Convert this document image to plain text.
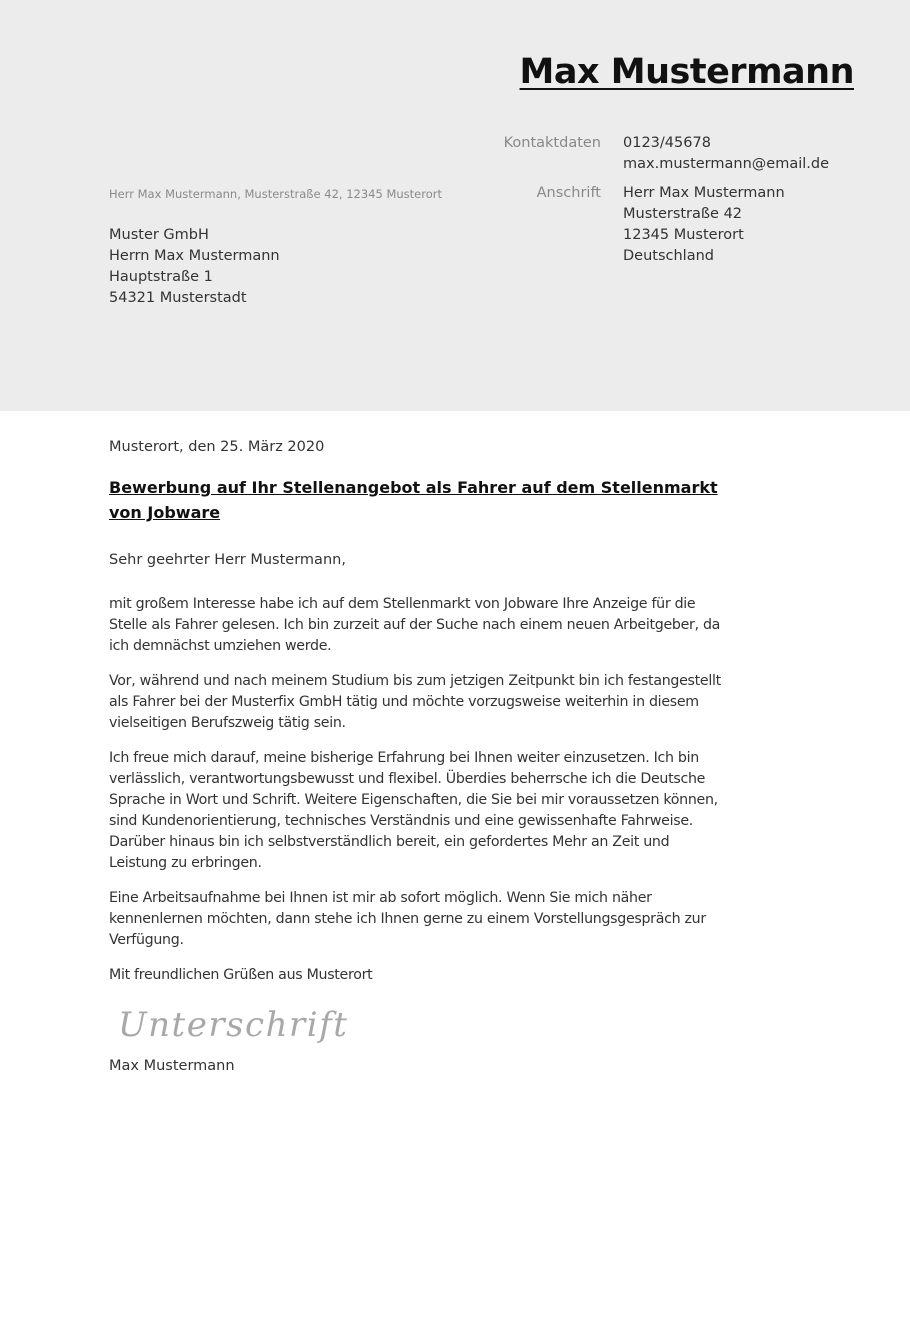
Max Mustermann
Kontaktdaten 0123/45678
max.mustermann@email.de
Anschrift Herr Max Mustermann
Musterstraße 42
12345 Musterort
Deutschland
Herr Max Mustermann, Musterstraße 42, 12345 Musterort
Muster GmbH
Herrn Max Mustermann
Hauptstraße 1
54321 Musterstadt
Musterort, den 25. März 2020
Bewerbung auf Ihr Stellenangebot als Fahrer auf dem Stellenmarkt von Jobware
Sehr geehrter Herr Mustermann,

mit großem Interesse habe ich auf dem Stellenmarkt von Jobware Ihre Anzeige für die Stelle als Fahrer gelesen. Ich bin zurzeit auf der Suche nach einem neuen Arbeitgeber, da ich demnächst umziehen werde.

Vor, während und nach meinem Studium bis zum jetzigen Zeitpunkt bin ich festangestellt als Fahrer bei der Musterfix GmbH tätig und möchte vorzugsweise weiterhin in diesem vielseitigen Berufszweig tätig sein.

Ich freue mich darauf, meine bisherige Erfahrung bei Ihnen weiter einzusetzen. Ich bin verlässlich, verantwortungsbewusst und flexibel. Überdies beherrsche ich die Deutsche Sprache in Wort und Schrift. Weitere Eigenschaften, die Sie bei mir voraussetzen können, sind Kundenorientierung, technisches Verständnis und eine gewissenhafte Fahrweise. Darüber hinaus bin ich selbstverständlich bereit, ein gefordertes Mehr an Zeit und Leistung zu erbringen.

Eine Arbeitsaufnahme bei Ihnen ist mir ab sofort möglich. Wenn Sie mich näher kennenlernen möchten, dann stehe ich Ihnen gerne zu einem Vorstellungsgespräch zur Verfügung.

Mit freundlichen Grüßen aus Musterort

Unterschrift
Max Mustermann
